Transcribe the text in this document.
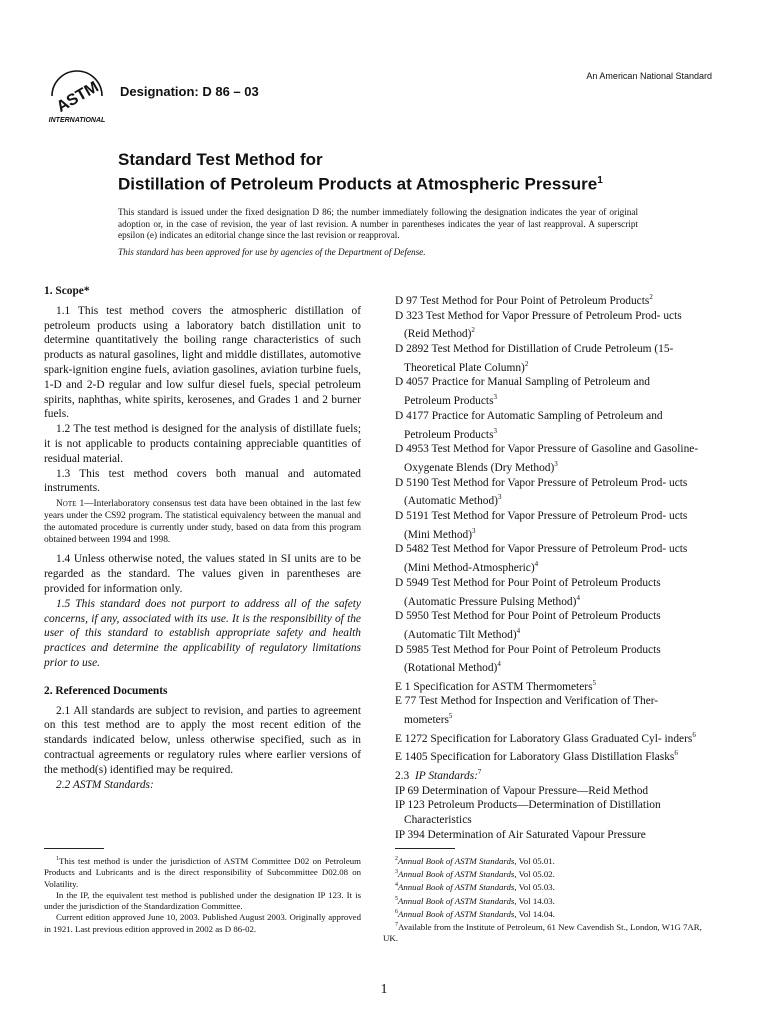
ASTM
INTERNATIONAL
Designation: D 86 – 03
An American National Standard
Standard Test Method for
Distillation of Petroleum Products at Atmospheric Pressure$^1$
This standard is issued under the fixed designation D 86; the number immediately following the designation indicates the year of original adoption or, in the case of revision, the year of last revision. A number in parentheses indicates the year of last reapproval. A superscript epsilon (e) indicates an editorial change since the last revision or reapproval.
This standard has been approved for use by agencies of the Department of Defense.
1. Scope*

1.1 This test method covers the atmospheric distillation of petroleum products using a laboratory batch distillation unit to determine quantitatively the boiling range characteristics of such products as natural gasolines, light and middle distillates, automotive spark-ignition engine fuels, aviation gasolines, aviation turbine fuels, 1-D and 2-D regular and low sulfur diesel fuels, special petroleum spirits, naphthas, white spirits, kerosenes, and Grades 1 and 2 burner fuels.

1.2 The test method is designed for the analysis of distillate fuels; it is not applicable to products containing appreciable quantities of residual material.

1.3 This test method covers both manual and automated instruments.

Note 1—Interlaboratory consensus test data have been obtained in the last few years under the CS92 program. The statistical equivalency between the manual and the automated procedure is currently under study, based on data from this program obtained between 1994 and 1998.

1.4 Unless otherwise noted, the values stated in SI units are to be regarded as the standard. The values given in parentheses are provided for information only.

1.5 This standard does not purport to address all of the safety concerns, if any, associated with its use. It is the responsibility of the user of this standard to establish appropriate safety and health practices and determine the applicability of regulatory limitations prior to use.

2. Referenced Documents

2.1 All standards are subject to revision, and parties to agreement on this test method are to apply the most recent edition of the standards indicated below, unless otherwise specified, such as in contractual agreements or regulatory rules where earlier versions of the method(s) identified may be required.

2.2 ASTM Standards:

D 97 Test Method for Pour Point of Petroleum Products$^2$

D 323 Test Method for Vapor Pressure of Petroleum Prod- ucts (Reid Method)$^2$

D 2892 Test Method for Distillation of Crude Petroleum (15-Theoretical Plate Column)$^2$

D 4057 Practice for Manual Sampling of Petroleum and Petroleum Products$^3$

D 4177 Practice for Automatic Sampling of Petroleum and Petroleum Products$^3$

D 4953 Test Method for Vapor Pressure of Gasoline and Gasoline-Oxygenate Blends (Dry Method)$^3$

D 5190 Test Method for Vapor Pressure of Petroleum Prod- ucts (Automatic Method)$^3$

D 5191 Test Method for Vapor Pressure of Petroleum Prod- ucts (Mini Method)$^3$

D 5482 Test Method for Vapor Pressure of Petroleum Prod- ucts (Mini Method-Atmospheric)$^4$

D 5949 Test Method for Pour Point of Petroleum Products (Automatic Pressure Pulsing Method)$^4$

D 5950 Test Method for Pour Point of Petroleum Products (Automatic Tilt Method)$^4$

D 5985 Test Method for Pour Point of Petroleum Products (Rotational Method)$^4$

E 1 Specification for ASTM Thermometers$^5$

E 77 Test Method for Inspection and Verification of Ther- mometers$^5$

E 1272 Specification for Laboratory Glass Graduated Cyl- inders$^6$

E 1405 Specification for Laboratory Glass Distillation Flasks$^6$

2.3 IP Standards:$^7$

IP 69 Determination of Vapour Pressure—Reid Method

IP 123 Petroleum Products—Determination of Distillation Characteristics

IP 394 Determination of Air Saturated Vapour Pressure

$^1$This test method is under the jurisdiction of ASTM Committee D02 on Petroleum Products and Lubricants and is the direct responsibility of Subcommittee D02.08 on Volatility.

In the IP, the equivalent test method is published under the designation IP 123. It is under the jurisdiction of the Standardization Committee.

Current edition approved June 10, 2003. Published August 2003. Originally approved in 1921. Last previous edition approved in 2002 as D 86-02.

$^2$Annual Book of ASTM Standards, Vol 05.01.

$^3$Annual Book of ASTM Standards, Vol 05.02.

$^4$Annual Book of ASTM Standards, Vol 05.03.

$^5$Annual Book of ASTM Standards, Vol 14.03.

$^6$Annual Book of ASTM Standards, Vol 14.04.

$^7$Available from the Institute of Petroleum, 61 New Cavendish St., London, W1G 7AR, UK.

1
